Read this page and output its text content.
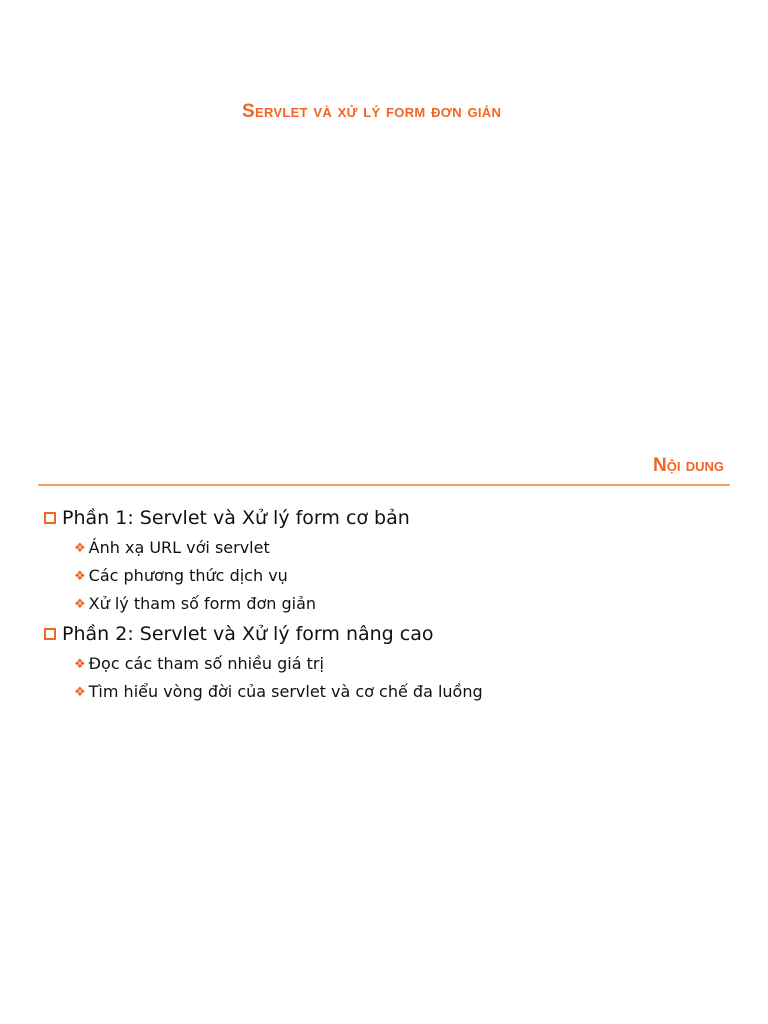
Servlet và xử lý form đơn giản
Nội dung
Phần 1: Servlet và Xử lý form cơ bản
❖ Ánh xạ URL với servlet
❖ Các phương thức dịch vụ
❖ Xử lý tham số form đơn giản
Phần 2: Servlet và Xử lý form nâng cao
❖ Đọc các tham số nhiều giá trị
❖ Tìm hiểu vòng đời của servlet và cơ chế đa luồng
